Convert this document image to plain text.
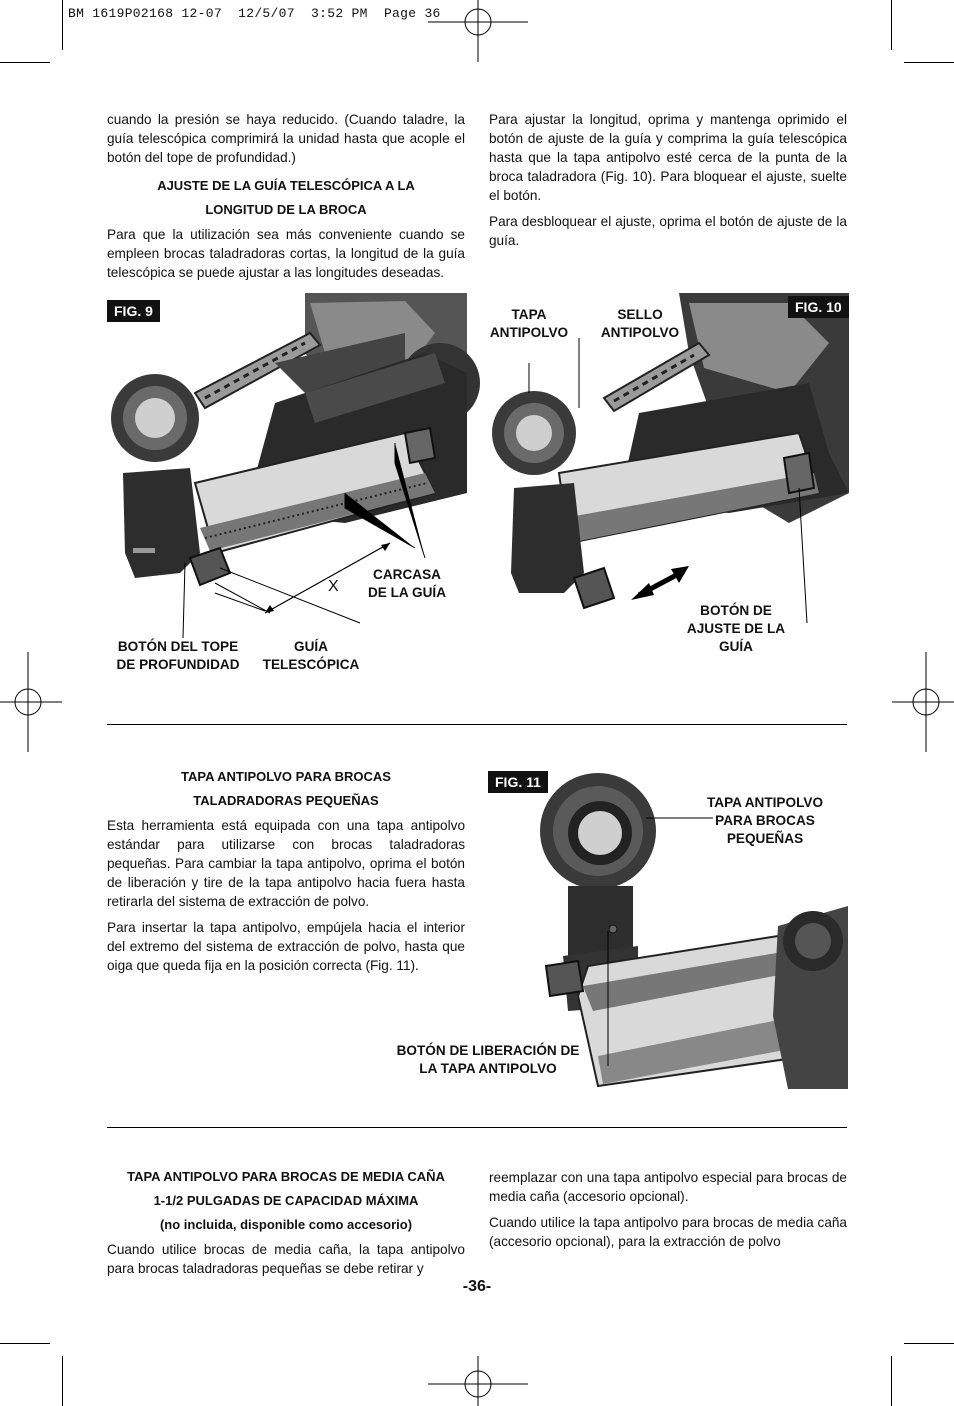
BM 1619P02168 12-07  12/5/07  3:52 PM  Page 36

cuando la presión se haya reducido. (Cuando taladre, la guía telescópica comprimirá la unidad hasta que acople el botón del tope de profundidad.)

AJUSTE DE LA GUÍA TELESCÓPICA A LA

LONGITUD DE LA BROCA

Para que la utilización sea más conveniente cuando se empleen brocas taladradoras cortas, la longitud de la guía telescópica se puede ajustar a las longitudes deseadas.

Para ajustar la longitud, oprima y mantenga oprimido el botón de ajuste de la guía y comprima la guía telescópica hasta que la tapa antipolvo esté cerca de la punta de la broca taladradora (Fig. 10). Para bloquear el ajuste, suelte el botón.

Para desbloquear el ajuste, oprima el botón de ajuste de la guía.

FIG. 9
X
CARCASA
DE LA GUÍA
BOTÓN DEL TOPE
DE PROFUNDIDAD
GUÍA
TELESCÓPICA
FIG. 10
TAPA
ANTIPOLVO
SELLO
ANTIPOLVO
BOTÓN DE
AJUSTE DE LA
GUÍA

TAPA ANTIPOLVO PARA BROCAS

TALADRADORAS PEQUEÑAS

Esta herramienta está equipada con una tapa antipolvo estándar para utilizarse con brocas taladradoras pequeñas. Para cambiar la tapa antipolvo, oprima el botón de liberación y tire de la tapa antipolvo hacia fuera hasta retirarla del sistema de extracción de polvo.

Para insertar la tapa antipolvo, empújela hacia el interior del extremo del sistema de extracción de polvo, hasta que oiga que queda fija en la posición correcta (Fig. 11).

FIG. 11
TAPA ANTIPOLVO
PARA BROCAS
PEQUEÑAS
BOTÓN DE LIBERACIÓN DE
LA TAPA ANTIPOLVO

TAPA ANTIPOLVO PARA BROCAS DE MEDIA CAÑA

1-1/2 PULGADAS DE CAPACIDAD MÁXIMA

(no incluida, disponible como accesorio)

Cuando utilice brocas de media caña, la tapa antipolvo para brocas taladradoras pequeñas se debe retirar y

reemplazar con una tapa antipolvo especial para brocas de media caña (accesorio opcional).

Cuando utilice la tapa antipolvo para brocas de media caña (accesorio opcional), para la extracción de polvo

-36-
